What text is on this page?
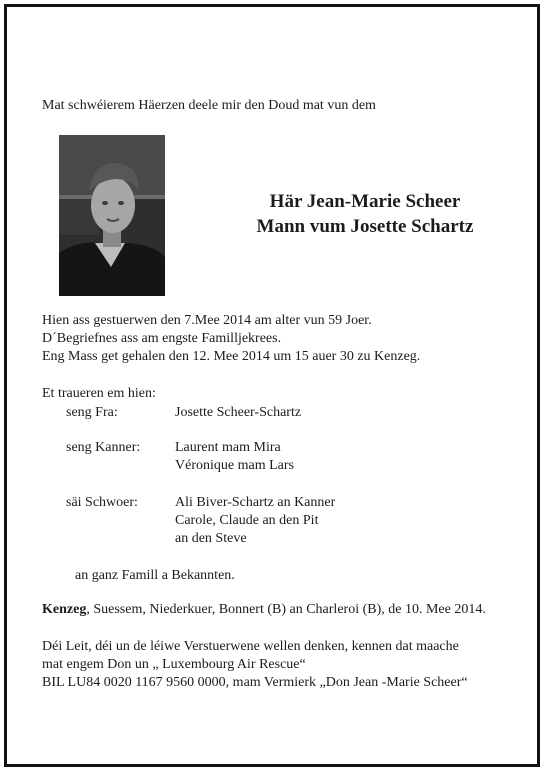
Mat schwéierem Häerzen deele mir den Doud mat vun dem
Här Jean-Marie Scheer
Mann vum Josette Schartz
Hien ass gestuerwen den 7.Mee 2014 am alter vun 59 Joer.
D´Begriefnes ass am engste Familljekrees.
Eng Mass get gehalen den 12. Mee 2014 um 15 auer 30 zu Kenzeg.
Et traueren em hien:
seng Fra:	Josette Scheer-Schartz
seng Kanner: Laurent mam Mira
Véronique mam Lars
säi Schwoer:	Ali Biver-Schartz an Kanner
Carole, Claude an den Pit
an den Steve
an ganz Famill a Bekannten.
Kenzeg, Suessem, Niederkuer, Bonnert (B) an Charleroi (B), de 10. Mee 2014.
Déi Leit, déi un de léiwe Verstuerwene wellen denken, kennen dat maache
mat engem Don un „ Luxembourg Air Rescue“
BIL LU84 0020 1167 9560 0000, mam Vermierk „Don Jean -Marie Scheer“
